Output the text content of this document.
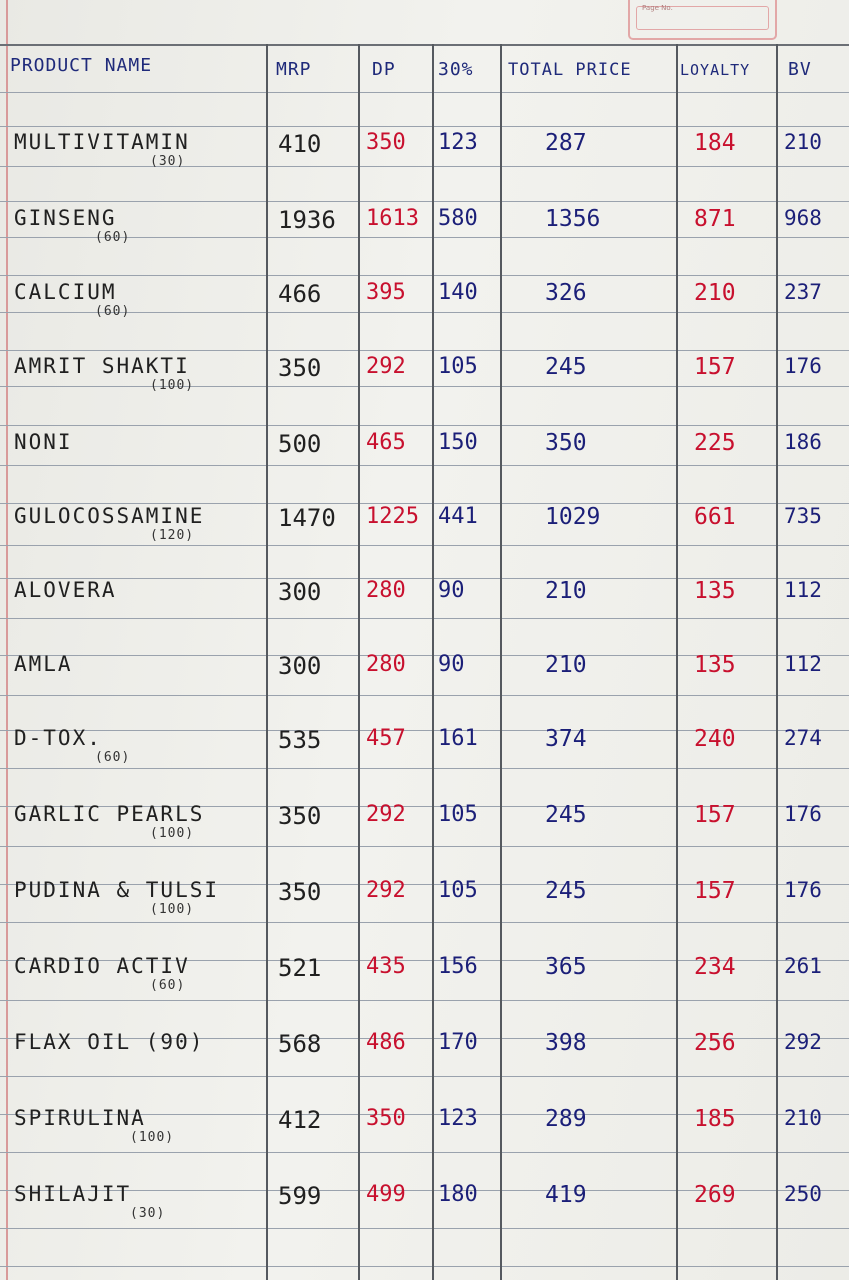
Page No.
PRODUCT NAME	MRP	DP 30% TOTAL PRICE	LOYALTY BV
MULTIVITAMIN	410 350 123	287	184 210
(30)
GINSENG	1936 1613 580	1356	871 968
(60)
CALCIUM	466 395 140	326	210 237
(60)
AMRIT SHAKTI	350 292 105	245	157 176
(100)
NONI	500 465 150	350	225 186
GULOCOSSAMINE	1470 1225 441	1029	661 735
(120)
ALOVERA	300 280 90	210	135 112
AMLA	300 280 90	210	135 112
D-TOX.	535 457 161	374	240 274
(60)
GARLIC PEARLS	350 292 105	245	157 176
(100)
PUDINA & TULSI 350 292 105	245	157 176
(100)
CARDIO ACTIV	521 435 156	365	234 261
(60)
FLAX OIL (90)	568 486 170	398	256 292
SPIRULINA	412 350 123	289	185 210
(100)
SHILAJIT	599 499 180	419	269 250
(30)
